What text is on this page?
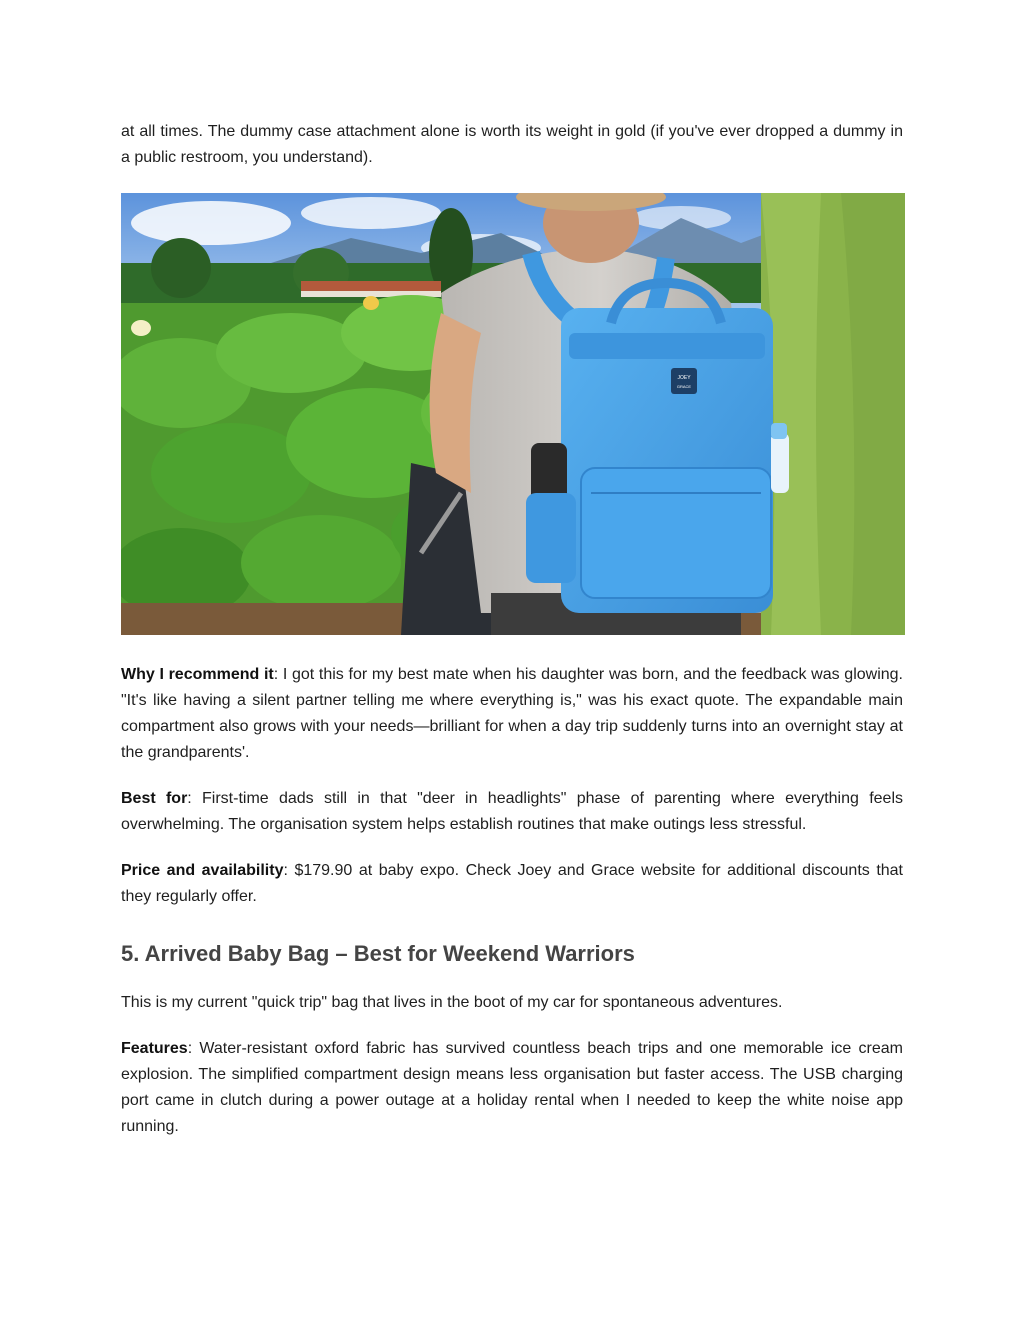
at all times. The dummy case attachment alone is worth its weight in gold (if you've ever dropped a dummy in a public restroom, you understand).

JOEY
GRACE

Why I recommend it: I got this for my best mate when his daughter was born, and the feedback was glowing. "It's like having a silent partner telling me where everything is," was his exact quote. The expandable main compartment also grows with your needs—brilliant for when a day trip suddenly turns into an overnight stay at the grandparents'.

Best for: First-time dads still in that "deer in headlights" phase of parenting where everything feels overwhelming. The organisation system helps establish routines that make outings less stressful.

Price and availability: $179.90 at baby expo. Check Joey and Grace website for additional discounts that they regularly offer.

5. Arrived Baby Bag – Best for Weekend Warriors

This is my current "quick trip" bag that lives in the boot of my car for spontaneous adventures.

Features: Water-resistant oxford fabric has survived countless beach trips and one memorable ice cream explosion. The simplified compartment design means less organisation but faster access. The USB charging port came in clutch during a power outage at a holiday rental when I needed to keep the white noise app running.
